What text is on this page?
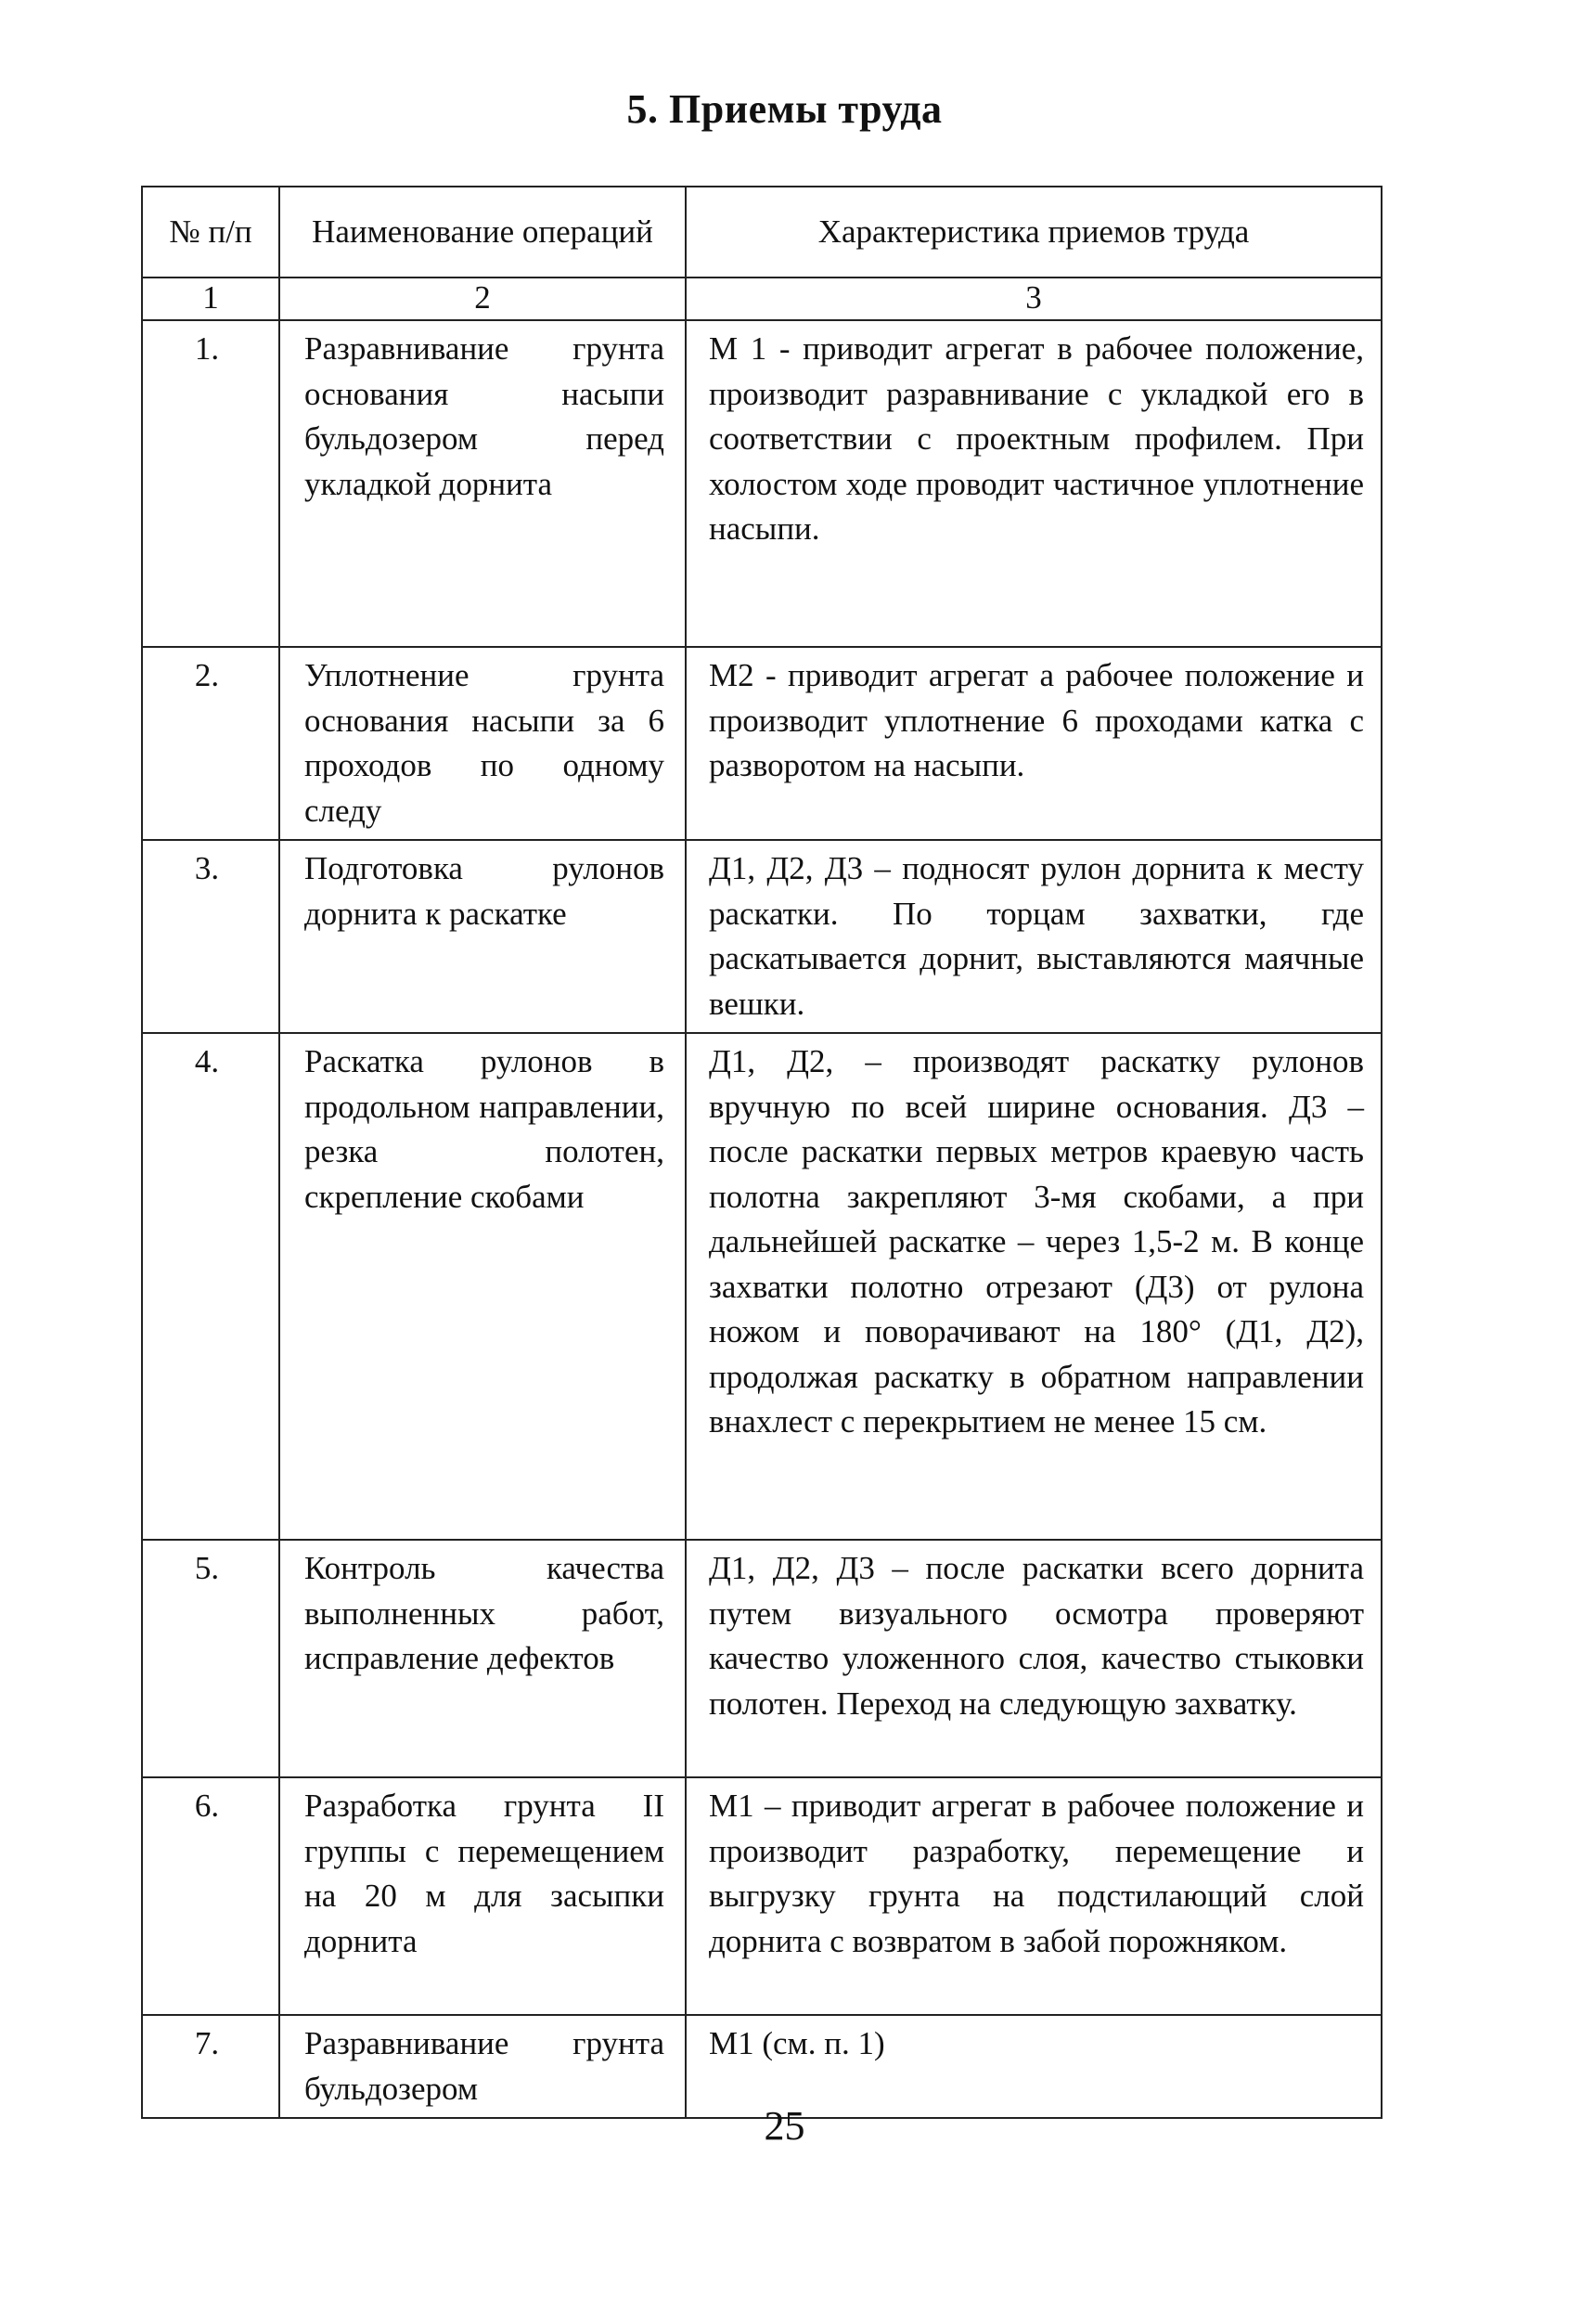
5. Приемы труда
№ п/п	Наименование операций	Характеристика приемов труда
1	2	3
1.	Разравнивание грунта основания насыпи бульдозером перед укладкой дорнита	М 1 - приводит агрегат в рабочее положение, производит разравнивание с укладкой его в соответствии с проектным профилем. При холостом ходе проводит частичное уплотнение насыпи.
2.	Уплотнение грунта основания насыпи за 6 проходов по одному следу	М2 - приводит агрегат а рабочее положение и производит уплотнение 6 проходами катка с разворотом на насыпи.
3.	Подготовка рулонов дорнита к раскатке	Д1, Д2, Д3 – подносят рулон дорнита к месту раскатки. По торцам захватки, где раскатывается дорнит, выставляются маячные вешки.
4.	Раскатка рулонов в продольном направлении, резка полотен, скрепление скобами	Д1, Д2, – производят раскатку рулонов вручную по всей ширине основания. Д3 – после раскатки первых метров краевую часть полотна закрепляют 3-мя скобами, а при дальнейшей раскатке – через 1,5-2 м. В конце захватки полотно отрезают (Д3) от рулона ножом и поворачивают на 180° (Д1, Д2), продолжая раскатку в обратном направлении внахлест с перекрытием не менее 15 см.
5.	Контроль качества выполненных работ, исправление дефектов	Д1, Д2, Д3 – после раскатки всего дорнита путем визуального осмотра проверяют качество уложенного слоя, качество стыковки полотен. Переход на следующую захватку.
6.	Разработка грунта II группы с перемещением на 20 м для засыпки дорнита	М1 – приводит агрегат в рабочее положение и производит разработку, перемещение и выгрузку грунта на подстилающий слой дорнита с возвратом в забой порожняком.
7.	Разравнивание грунта бульдозером	М1 (см. п. 1)
25
